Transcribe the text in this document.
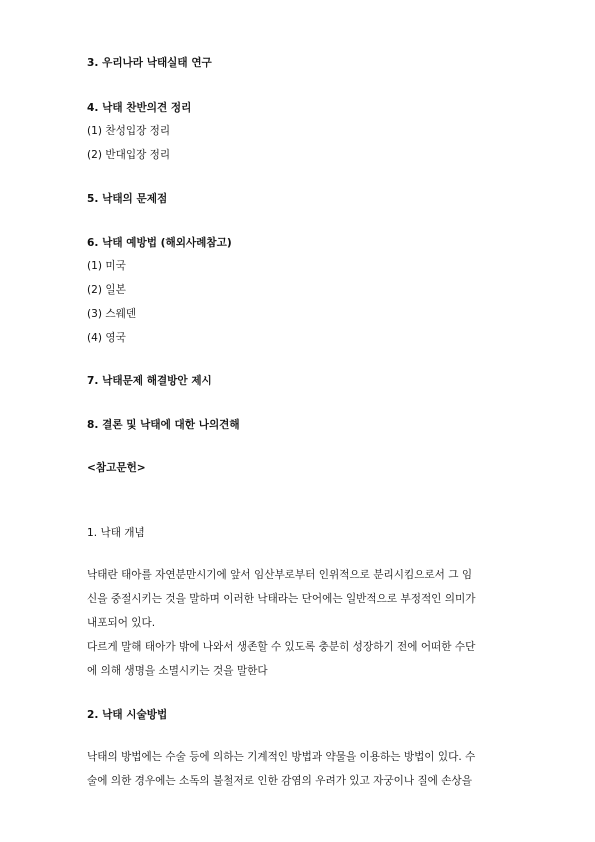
3. 우리나라 낙태실태 연구

4. 낙태 찬반의견 정리

(1) 찬성입장 정리

(2) 반대입장 정리

5. 낙태의 문제점

6. 낙태 예방법 (해외사례참고)

(1) 미국

(2) 일본

(3) 스웨덴

(4) 영국

7. 낙태문제 해결방안 제시

8. 결론 및 낙태에 대한 나의견해

<참고문헌>

1. 낙태 개념

낙태란 태아를 자연분만시기에 앞서 임산부로부터 인위적으로 분리시킴으로서 그 임
신을 중절시키는 것을 말하며 이러한 낙태라는 단어에는 일반적으로 부정적인 의미가
내포되어 있다.
다르게 말해 태아가 밖에 나와서 생존할 수 있도록 충분히 성장하기 전에 어떠한 수단
에 의해 생명을 소멸시키는 것을 말한다

2. 낙태 시술방법

낙태의 방법에는 수술 등에 의하는 기계적인 방법과 약물을 이용하는 방법이 있다. 수
술에 의한 경우에는 소독의 불철저로 인한 감염의 우려가 있고 자궁이나 질에 손상을
